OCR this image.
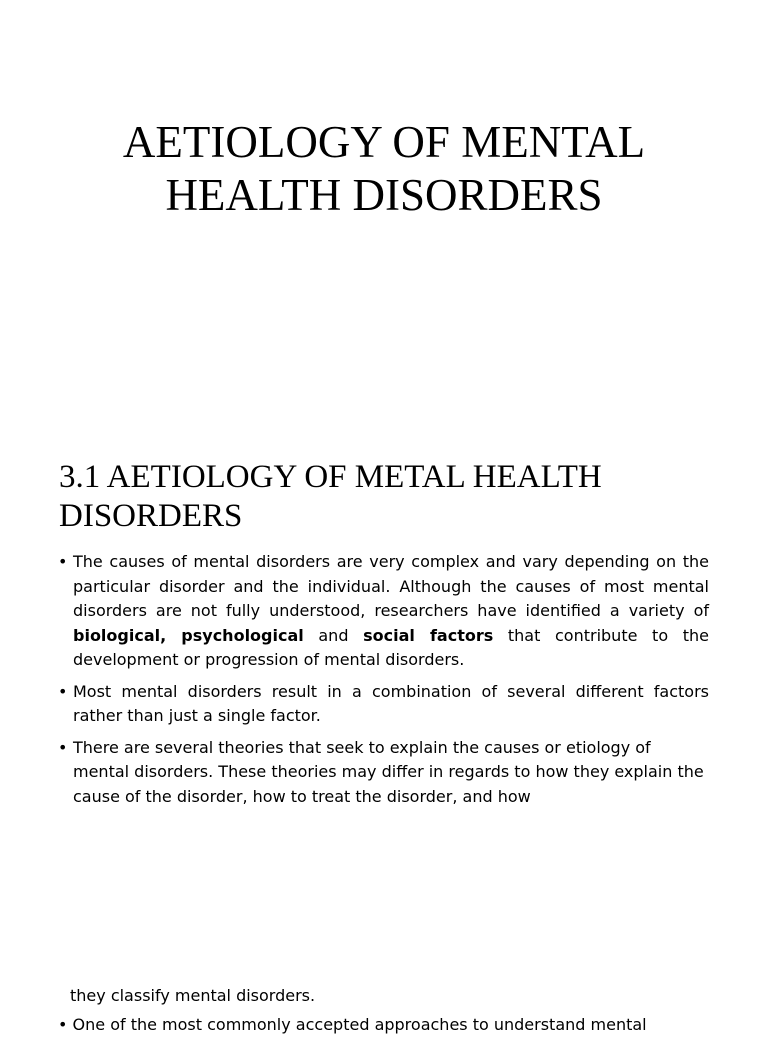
AETIOLOGY OF MENTAL
HEALTH DISORDERS
3.1 AETIOLOGY OF METAL HEALTH
DISORDERS
• The causes of mental disorders are very complex and vary depending on the particular disorder and the individual. Although the causes of most mental disorders are not fully understood, researchers have identified a variety of biological, psychological and social factors that contribute to the development or progression of mental disorders.
• Most mental disorders result in a combination of several different factors rather than just a single factor.
• There are several theories that seek to explain the causes or etiology of mental disorders. These theories may differ in regards to how they explain the cause of the disorder, how to treat the disorder, and how
they classify mental disorders.
• One of the most commonly accepted approaches to understand mental
